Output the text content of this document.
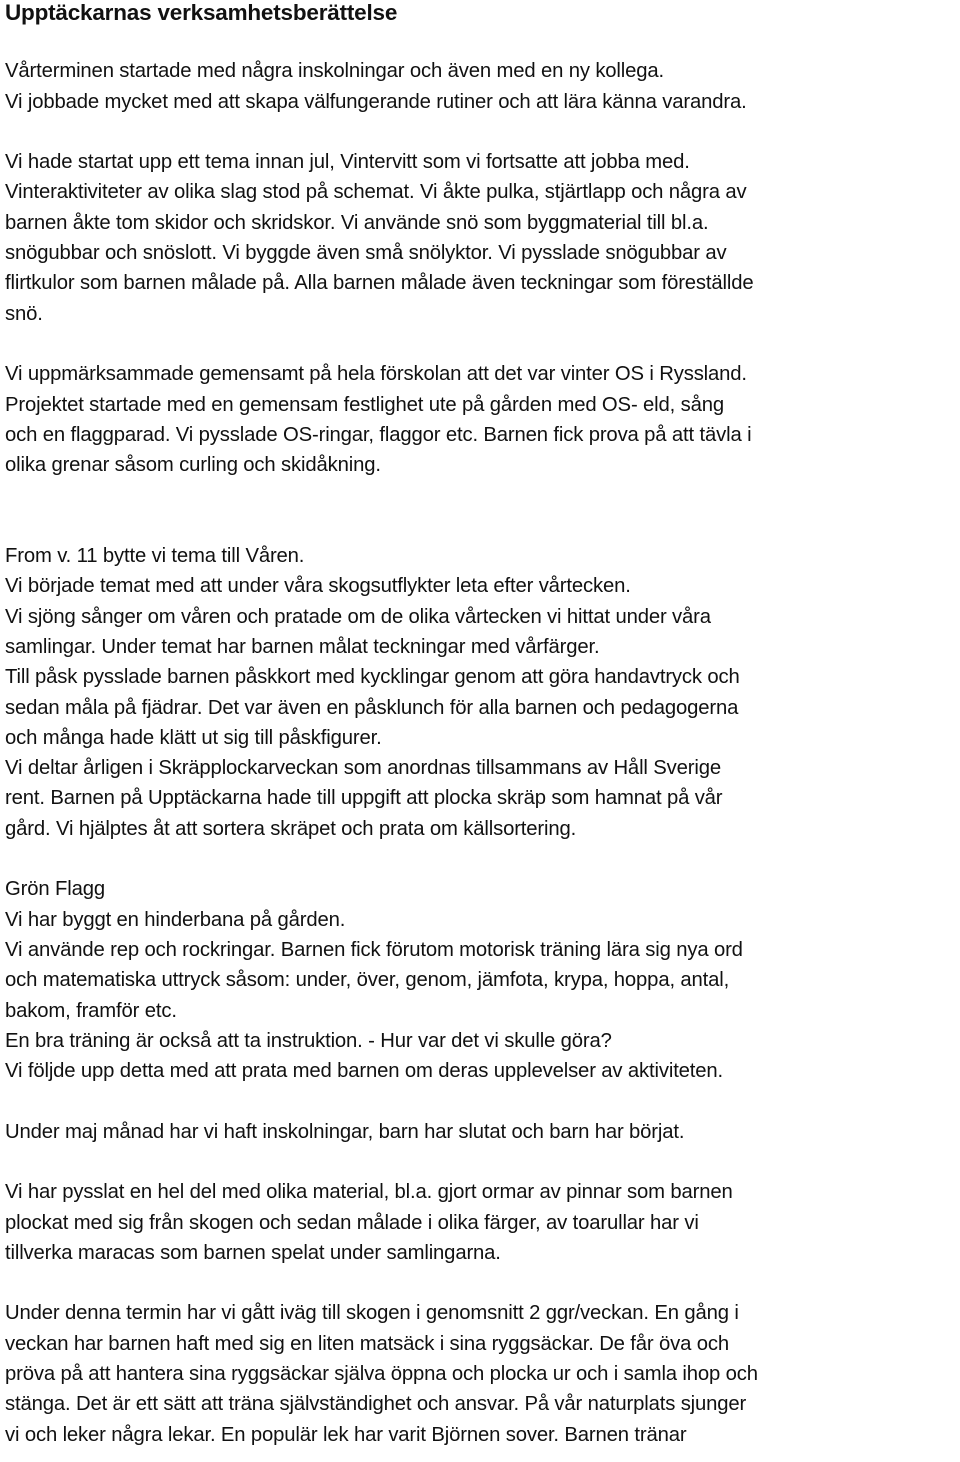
Upptäckarnas verksamhetsberättelse
Vårterminen startade med några inskolningar och även med en ny kollega.
Vi jobbade mycket med att skapa välfungerande rutiner och att lära känna varandra.
Vi hade startat upp ett tema innan jul, Vintervitt som vi fortsatte att jobba med.
Vinteraktiviteter av olika slag stod på schemat. Vi åkte pulka, stjärtlapp och några av
barnen åkte tom skidor och skridskor. Vi använde snö som byggmaterial till bl.a.
snögubbar och snöslott. Vi byggde även små snölyktor. Vi pysslade snögubbar av
flirtkulor som barnen målade på. Alla barnen målade även teckningar som föreställde
snö.
Vi uppmärksammade gemensamt på hela förskolan att det var vinter OS i Ryssland.
Projektet startade med en gemensam festlighet ute på gården med OS- eld, sång
och en flaggparad. Vi pysslade OS-ringar, flaggor etc. Barnen fick prova på att tävla i
olika grenar såsom curling och skidåkning.
From v. 11 bytte vi tema till Våren.
Vi började temat med att under våra skogsutflykter leta efter vårtecken.
Vi sjöng sånger om våren och pratade om de olika vårtecken vi hittat under våra
samlingar. Under temat har barnen målat teckningar med vårfärger.
Till påsk pysslade barnen påskkort med kycklingar genom att göra handavtryck och
sedan måla på fjädrar. Det var även en påsklunch för alla barnen och pedagogerna
och många hade klätt ut sig till påskfigurer.
Vi deltar årligen i Skräpplockarveckan som anordnas tillsammans av Håll Sverige
rent. Barnen på Upptäckarna hade till uppgift att plocka skräp som hamnat på vår
gård. Vi hjälptes åt att sortera skräpet och prata om källsortering.
Grön Flagg
Vi har byggt en hinderbana på gården.
Vi använde rep och rockringar. Barnen fick förutom motorisk träning lära sig nya ord
och matematiska uttryck såsom: under, över, genom, jämfota, krypa, hoppa, antal,
bakom, framför etc.
En bra träning är också att ta instruktion. - Hur var det vi skulle göra?
Vi följde upp detta med att prata med barnen om deras upplevelser av aktiviteten.
Under maj månad har vi haft inskolningar, barn har slutat och barn har börjat.
Vi har pysslat en hel del med olika material, bl.a. gjort ormar av pinnar som barnen
plockat med sig från skogen och sedan målade i olika färger, av toarullar har vi
tillverka maracas som barnen spelat under samlingarna.
Under denna termin har vi gått iväg till skogen i genomsnitt 2 ggr/veckan. En gång i
veckan har barnen haft med sig en liten matsäck i sina ryggsäckar. De får öva och
pröva på att hantera sina ryggsäckar själva öppna och plocka ur och i samla ihop och
stänga. Det är ett sätt att träna självständighet och ansvar. På vår naturplats sjunger
vi och leker några lekar. En populär lek har varit Björnen sover. Barnen tränar
